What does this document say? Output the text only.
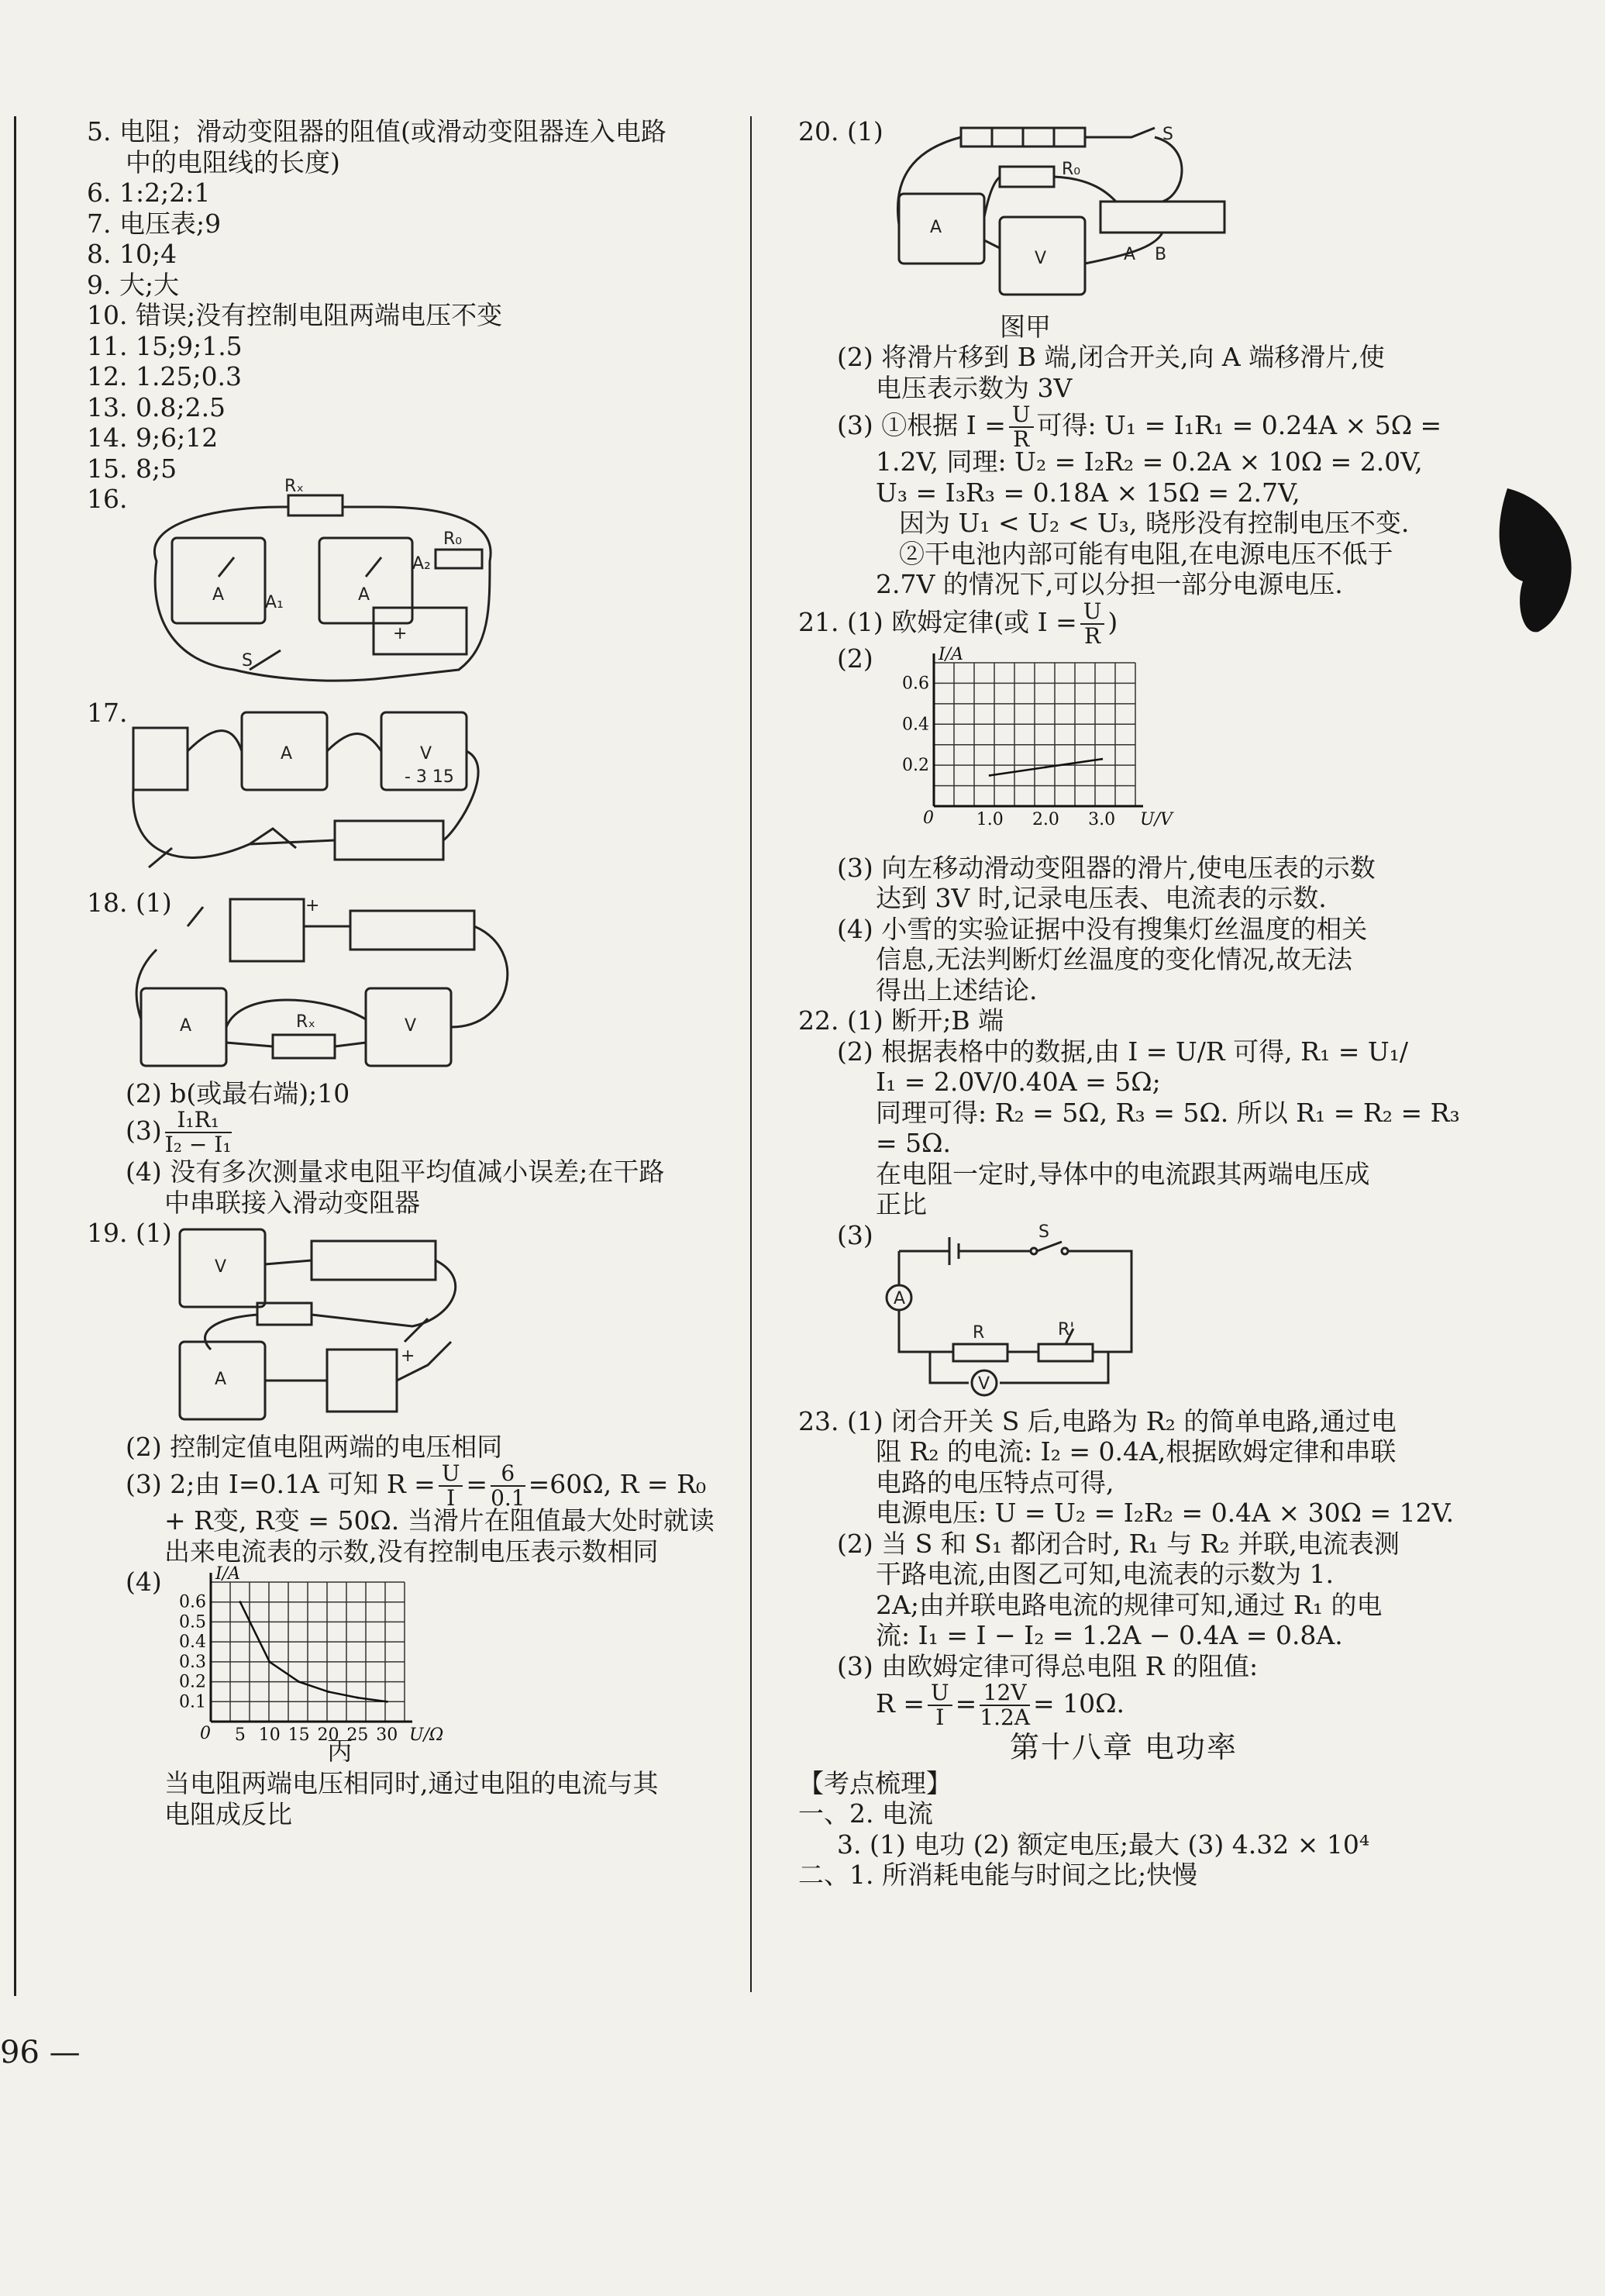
5. 电阻；滑动变阻器的阻值(或滑动变阻器连入电路
中的电阻线的长度)
6. 1:2;2:1
7. 电压表;9
8. 10;4
9. 大;大
10. 错误;没有控制电阻两端电压不变
11. 15;9;1.5
12. 1.25;0.3
13. 0.8;2.5
14. 9;6;12
15. 8;5
16.	Rₓ
R₀
A	A
A₁
A₂
S
+
17.
A	V
- 3 15
18. (1)	+
A	V
Rₓ
(2) b(或最右端);10
$(3) \frac{\text{I₁R₁}}{\text{I₂ − I₁}}$
(4) 没有多次测量求电阻平均值减小误差;在干路
中串联接入滑动变阻器
19. (1)
V
A
+
(2) 控制定值电阻两端的电压相同
(3) 2;由 I=0.1A 可知 $R = \frac{U}{I} = \frac{6}{0.1} =60\Omega$, R = R₀
+ R变, R变 = 50Ω. 当滑片在阻值最大处时就读
出来电流表的示数,没有控制电压表示数相同
(4)
0.1
0.2
0.3
0.4
0.5
0.6
5 10 15 20 25 30
0
I/A
U/Ω
丙
当电阻两端电压相同时,通过电阻的电流与其
电阻成反比
20. (1)	S
R₀
A
V	A B
图甲
(2) 将滑片移到 B 端,闭合开关,向 A 端移滑片,使
电压表示数为 3V
(3) ①根据 $I = \frac{U}{R}$ 可得: U₁ = I₁R₁ = 0.24A × 5Ω =
1.2V, 同理: U₂ = I₂R₂ = 0.2A × 10Ω = 2.0V,
U₃ = I₃R₃ = 0.18A × 15Ω = 2.7V,
因为 U₁ < U₂ < U₃, 晓彤没有控制电压不变.
②干电池内部可能有电阻,在电源电压不低于
2.7V 的情况下,可以分担一部分电源电压.
21. (1) 欧姆定律(或 $I = \frac{U}{R}$ )
(2)
0.2
0.4
0.6
1.0 2.0 3.0
0
I/A
U/V
(3) 向左移动滑动变阻器的滑片,使电压表的示数
达到 3V 时,记录电压表、电流表的示数.
(4) 小雪的实验证据中没有搜集灯丝温度的相关
信息,无法判断灯丝温度的变化情况,故无法
得出上述结论.
22. (1) 断开;B 端
(2) 根据表格中的数据,由 I = U/R 可得, R₁ = U₁/
I₁ = 2.0V/0.40A = 5Ω;
同理可得: R₂ = 5Ω, R₃ = 5Ω. 所以 R₁ = R₂ = R₃
= 5Ω.
在电阻一定时,导体中的电流跟其两端电压成
正比
(3)	S
A
V
R	R'
23. (1) 闭合开关 S 后,电路为 R₂ 的简单电路,通过电
阻 R₂ 的电流: I₂ = 0.4A,根据欧姆定律和串联
电路的电压特点可得,
电源电压: U = U₂ = I₂R₂ = 0.4A × 30Ω = 12V.
(2) 当 S 和 S₁ 都闭合时, R₁ 与 R₂ 并联,电流表测
干路电流,由图乙可知,电流表的示数为 1.
2A;由并联电路电流的规律可知,通过 R₁ 的电
流: I₁ = I − I₂ = 1.2A − 0.4A = 0.8A.
(3) 由欧姆定律可得总电阻 R 的阻值:
$R = \frac{U}{I} = \frac{12V}{1.2A} = 10\Omega$.
第十八章 电功率
【考点梳理】
一、2. 电流
3. (1) 电功 (2) 额定电压;最大 (3) 4.32 × 10⁴
二、1. 所消耗电能与时间之比;快慢
96 —
